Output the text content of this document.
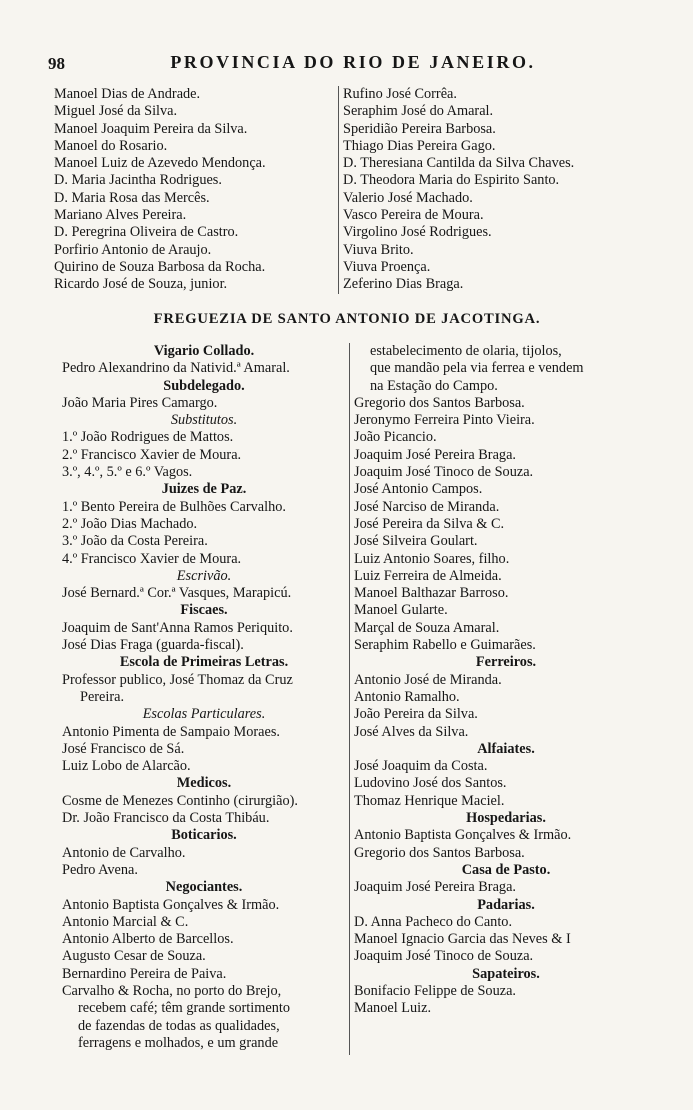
98	PROVINCIA DO RIO DE JANEIRO.
Manoel Dias de Andrade.
Miguel José da Silva.
Manoel Joaquim Pereira da Silva.
Manoel do Rosario.
Manoel Luiz de Azevedo Mendonça.
D. Maria Jacintha Rodrigues.
D. Maria Rosa das Mercês.
Mariano Alves Pereira.
D. Peregrina Oliveira de Castro.
Porfirio Antonio de Araujo.
Quirino de Souza Barbosa da Rocha.
Ricardo José de Souza, junior.
Rufino José Corrêa.
Seraphim José do Amaral.
Speridião Pereira Barbosa.
Thiago Dias Pereira Gago.
D. Theresiana Cantilda da Silva Chaves.
D. Theodora Maria do Espirito Santo.
Valerio José Machado.
Vasco Pereira de Moura.
Virgolino José Rodrigues.
Viuva Brito.
Viuva Proença.
Zeferino Dias Braga.
FREGUEZIA DE SANTO ANTONIO DE JACOTINGA.
Vigario Collado.
Pedro Alexandrino da Nativid.ª Amaral.
Subdelegado.
João Maria Pires Camargo.
Substitutos.
1.º João Rodrigues de Mattos.
2.º Francisco Xavier de Moura.
3.º, 4.º, 5.º e 6.º Vagos.
Juizes de Paz.
1.º Bento Pereira de Bulhões Carvalho.
2.º João Dias Machado.
3.º João da Costa Pereira.
4.º Francisco Xavier de Moura.
Escrivão.
José Bernard.ª Cor.ª Vasques, Marapicú.
Fiscaes.
Joaquim de Sant'Anna Ramos Periquito.
José Dias Fraga (guarda-fiscal).
Escola de Primeiras Letras.
Professor publico, José Thomaz da Cruz
Pereira.
Escolas Particulares.
Antonio Pimenta de Sampaio Moraes.
José Francisco de Sá.
Luiz Lobo de Alarcão.
Medicos.
Cosme de Menezes Continho (cirurgião).
Dr. João Francisco da Costa Thibáu.
Boticarios.
Antonio de Carvalho.
Pedro Avena.
Negociantes.
Antonio Baptista Gonçalves & Irmão.
Antonio Marcial & C.
Antonio Alberto de Barcellos.
Augusto Cesar de Souza.
Bernardino Pereira de Paiva.
Carvalho & Rocha, no porto do Brejo,
recebem café; têm grande sortimento
de fazendas de todas as qualidades,
ferragens e molhados, e um grande
estabelecimento de olaria, tijolos,
que mandão pela via ferrea e vendem
na Estação do Campo.
Gregorio dos Santos Barbosa.
Jeronymo Ferreira Pinto Vieira.
João Picancio.
Joaquim José Pereira Braga.
Joaquim José Tinoco de Souza.
José Antonio Campos.
José Narciso de Miranda.
José Pereira da Silva & C.
José Silveira Goulart.
Luiz Antonio Soares, filho.
Luiz Ferreira de Almeida.
Manoel Balthazar Barroso.
Manoel Gularte.
Marçal de Souza Amaral.
Seraphim Rabello e Guimarães.
Ferreiros.
Antonio José de Miranda.
Antonio Ramalho.
João Pereira da Silva.
José Alves da Silva.
Alfaiates.
José Joaquim da Costa.
Ludovino José dos Santos.
Thomaz Henrique Maciel.
Hospedarias.
Antonio Baptista Gonçalves & Irmão.
Gregorio dos Santos Barbosa.
Casa de Pasto.
Joaquim José Pereira Braga.
Padarias.
D. Anna Pacheco do Canto.
Manoel Ignacio Garcia das Neves & I
Joaquim José Tinoco de Souza.
Sapateiros.
Bonifacio Felippe de Souza.
Manoel Luiz.
